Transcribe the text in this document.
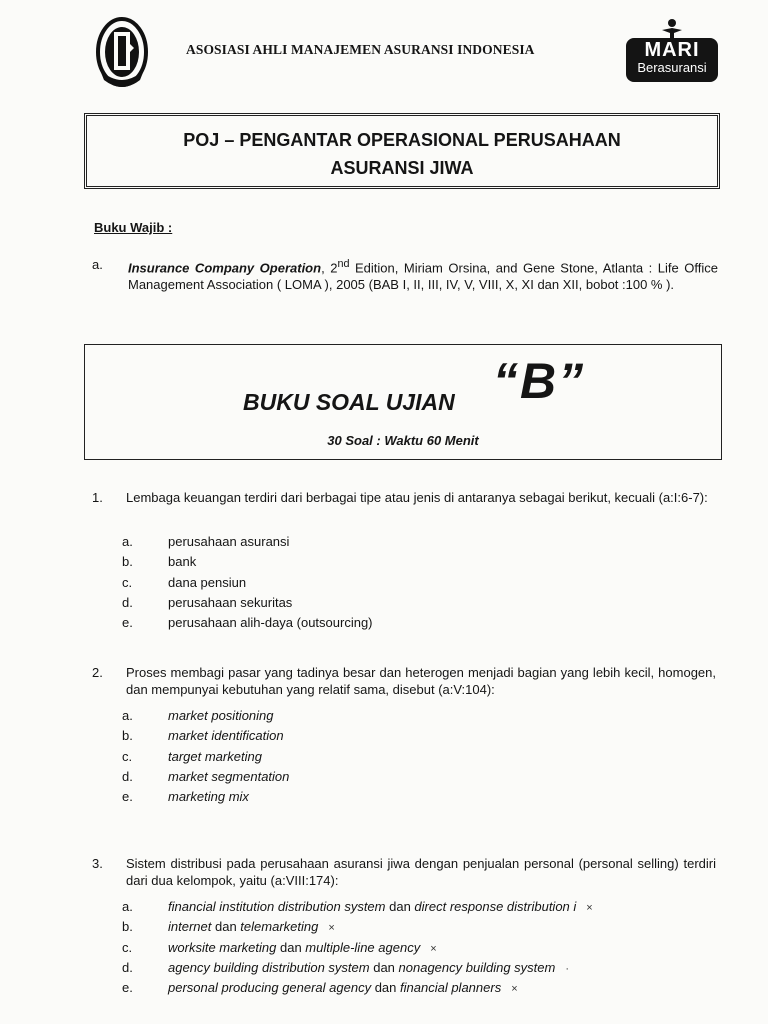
ASOSIASI AHLI MANAJEMEN ASURANSI INDONESIA	MARI
Berasuransi
POJ – PENGANTAR OPERASIONAL PERUSAHAAN
ASURANSI JIWA
Buku Wajib :
a. Insurance Company Operation, 2nd Edition, Miriam Orsina, and Gene Stone, Atlanta : Life Office Management Association ( LOMA ), 2005 (BAB I, II, III, IV, V, VIII, X, XI dan XII, bobot :100 % ).
BUKU SOAL UJIAN “B”
30 Soal : Waktu 60 Menit
1. Lembaga keuangan terdiri dari berbagai tipe atau jenis di antaranya sebagai berikut, kecuali (a:I:6-7):
a.	perusahaan asuransi
b.	bank
c.	dana pensiun
d.	perusahaan sekuritas
e.	perusahaan alih-daya (outsourcing)
2. Proses membagi pasar yang tadinya besar dan heterogen menjadi bagian yang lebih kecil, homogen, dan mempunyai kebutuhan yang relatif sama, disebut (a:V:104):
a.	market positioning
b.	market identification
c.	target marketing
d.	market segmentation
e.	marketing mix
3. Sistem distribusi pada perusahaan asuransi jiwa dengan penjualan personal (personal selling) terdiri dari dua kelompok, yaitu (a:VIII:174):
a.	financial institution distribution system dan direct response distribution i ×
b.	internet dan telemarketing ×
c.	worksite marketing dan multiple-line agency ×
d.	agency building distribution system dan nonagency building system ·
e.	personal producing general agency dan financial planners ×
